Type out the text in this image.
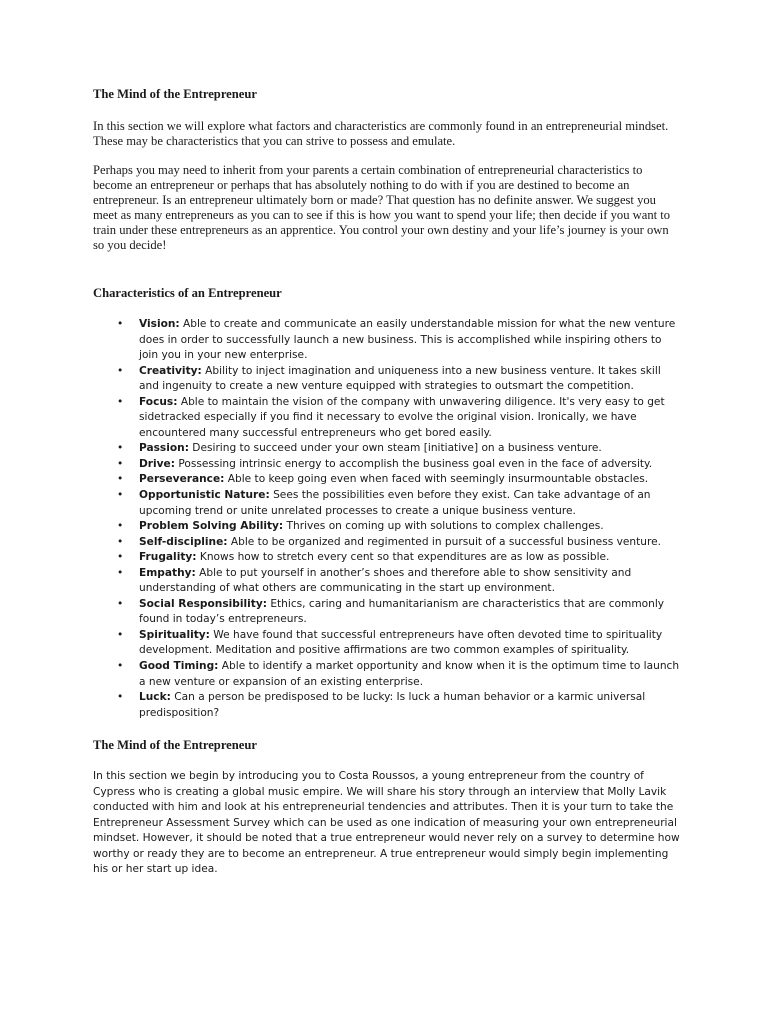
The Mind of the Entrepreneur

In this section we will explore what factors and characteristics are commonly found in an entrepreneurial mindset. These may be characteristics that you can strive to possess and emulate.

Perhaps you may need to inherit from your parents a certain combination of entrepreneurial characteristics to become an entrepreneur or perhaps that has absolutely nothing to do with if you are destined to become an entrepreneur. Is an entrepreneur ultimately born or made? That question has no definite answer. We suggest you meet as many entrepreneurs as you can to see if this is how you want to spend your life; then decide if you want to train under these entrepreneurs as an apprentice. You control your own destiny and your life’s journey is your own so you decide!

Characteristics of an Entrepreneur
• Vision: Able to create and communicate an easily understandable mission for what the new venture does in order to successfully launch a new business. This is accomplished while inspiring others to join you in your new enterprise.
• Creativity: Ability to inject imagination and uniqueness into a new business venture. It takes skill and ingenuity to create a new venture equipped with strategies to outsmart the competition.
• Focus: Able to maintain the vision of the company with unwavering diligence. It's very easy to get sidetracked especially if you find it necessary to evolve the original vision. Ironically, we have encountered many successful entrepreneurs who get bored easily.
• Passion: Desiring to succeed under your own steam [initiative] on a business venture.
• Drive: Possessing intrinsic energy to accomplish the business goal even in the face of adversity.
• Perseverance: Able to keep going even when faced with seemingly insurmountable obstacles.
• Opportunistic Nature: Sees the possibilities even before they exist. Can take advantage of an upcoming trend or unite unrelated processes to create a unique business venture.
• Problem Solving Ability: Thrives on coming up with solutions to complex challenges.
• Self-discipline: Able to be organized and regimented in pursuit of a successful business venture.
• Frugality: Knows how to stretch every cent so that expenditures are as low as possible.
• Empathy: Able to put yourself in another’s shoes and therefore able to show sensitivity and understanding of what others are communicating in the start up environment.
• Social Responsibility: Ethics, caring and humanitarianism are characteristics that are commonly found in today’s entrepreneurs.
• Spirituality: We have found that successful entrepreneurs have often devoted time to spirituality development. Meditation and positive affirmations are two common examples of spirituality.
• Good Timing: Able to identify a market opportunity and know when it is the optimum time to launch a new venture or expansion of an existing enterprise.
• Luck: Can a person be predisposed to be lucky: Is luck a human behavior or a karmic universal predisposition?
The Mind of the Entrepreneur

In this section we begin by introducing you to Costa Roussos, a young entrepreneur from the country of Cypress who is creating a global music empire. We will share his story through an interview that Molly Lavik conducted with him and look at his entrepreneurial tendencies and attributes. Then it is your turn to take the Entrepreneur Assessment Survey which can be used as one indication of measuring your own entrepreneurial mindset. However, it should be noted that a true entrepreneur would never rely on a survey to determine how worthy or ready they are to become an entrepreneur. A true entrepreneur would simply begin implementing his or her start up idea.
